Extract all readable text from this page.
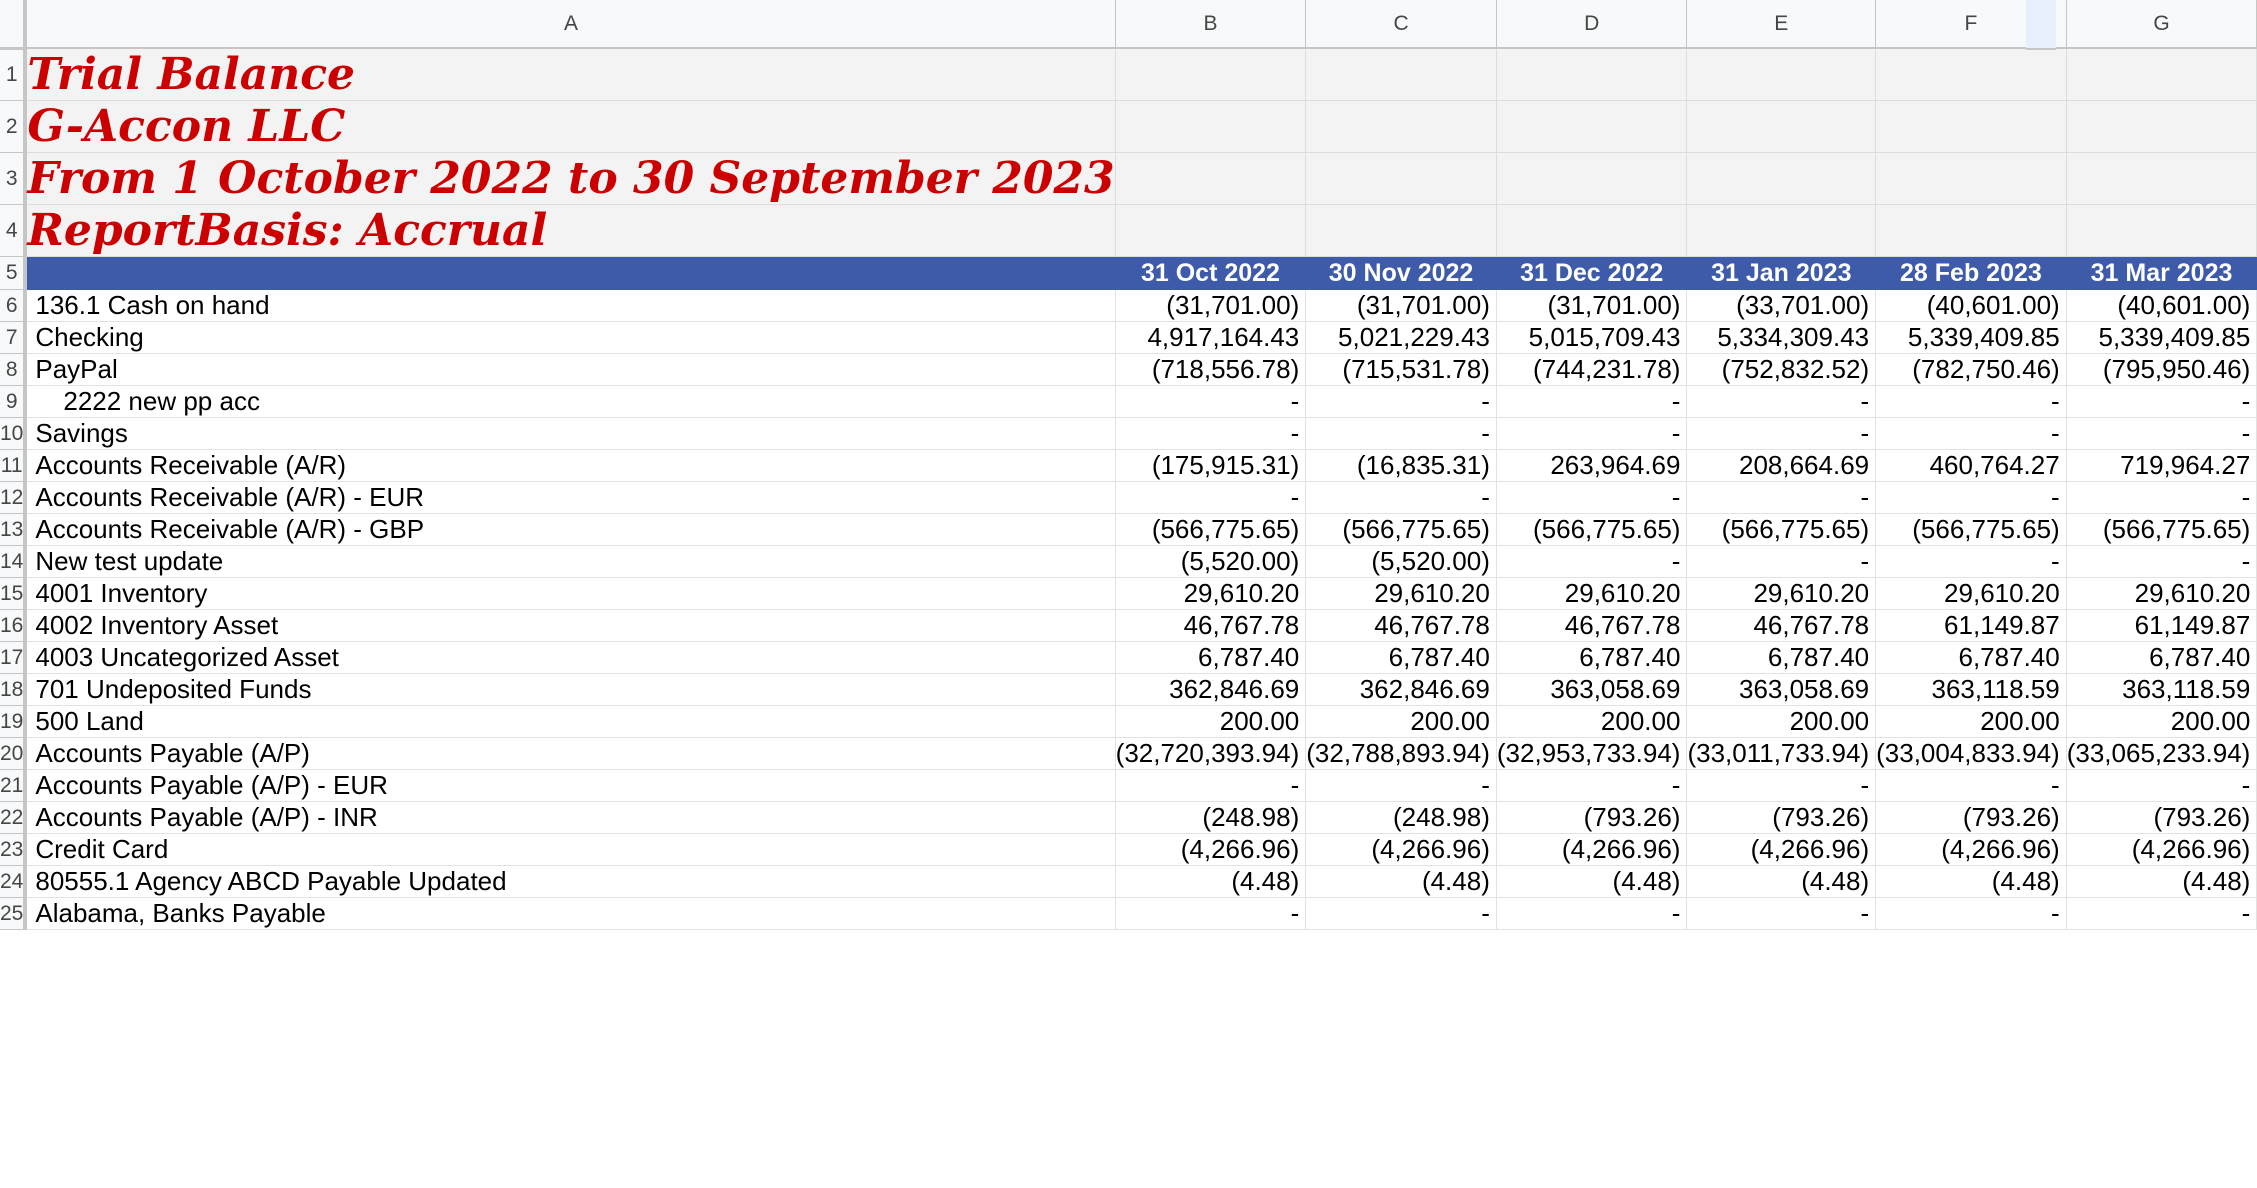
	A	B	C	D	E	F	G
1	Trial Balance						
2	G-Accon LLC						
3	From 1 October 2022 to 30 September 2023						
4	ReportBasis: Accrual						
5		31 Oct 2022	30 Nov 2022	31 Dec 2022	31 Jan 2023	28 Feb 2023	31 Mar 2023
6	136.1 Cash on hand	(31,701.00)	(31,701.00)	(31,701.00)	(33,701.00)	(40,601.00)	(40,601.00)
7	Checking	4,917,164.43	5,021,229.43	5,015,709.43	5,334,309.43	5,339,409.85	5,339,409.85
8	PayPal	(718,556.78)	(715,531.78)	(744,231.78)	(752,832.52)	(782,750.46)	(795,950.46)
9	2222 new pp acc	-	-	-	-	-	-
10	Savings	-	-	-	-	-	-
11	Accounts Receivable (A/R)	(175,915.31)	(16,835.31)	263,964.69	208,664.69	460,764.27	719,964.27
12	Accounts Receivable (A/R) - EUR	-	-	-	-	-	-
13	Accounts Receivable (A/R) - GBP	(566,775.65)	(566,775.65)	(566,775.65)	(566,775.65)	(566,775.65)	(566,775.65)
14	New test update	(5,520.00)	(5,520.00)	-	-	-	-
15	4001 Inventory	29,610.20	29,610.20	29,610.20	29,610.20	29,610.20	29,610.20
16	4002 Inventory Asset	46,767.78	46,767.78	46,767.78	46,767.78	61,149.87	61,149.87
17	4003 Uncategorized Asset	6,787.40	6,787.40	6,787.40	6,787.40	6,787.40	6,787.40
18	701 Undeposited Funds	362,846.69	362,846.69	363,058.69	363,058.69	363,118.59	363,118.59
19	500 Land	200.00	200.00	200.00	200.00	200.00	200.00
20	Accounts Payable (A/P)	(32,720,393.94)	(32,788,893.94)	(32,953,733.94)	(33,011,733.94)	(33,004,833.94)	(33,065,233.94)
21	Accounts Payable (A/P) - EUR	-	-	-	-	-	-
22	Accounts Payable (A/P) - INR	(248.98)	(248.98)	(793.26)	(793.26)	(793.26)	(793.26)
23	Credit Card	(4,266.96)	(4,266.96)	(4,266.96)	(4,266.96)	(4,266.96)	(4,266.96)
24	80555.1 Agency ABCD Payable Updated	(4.48)	(4.48)	(4.48)	(4.48)	(4.48)	(4.48)
25	Alabama, Banks Payable	-	-	-	-	-	-
